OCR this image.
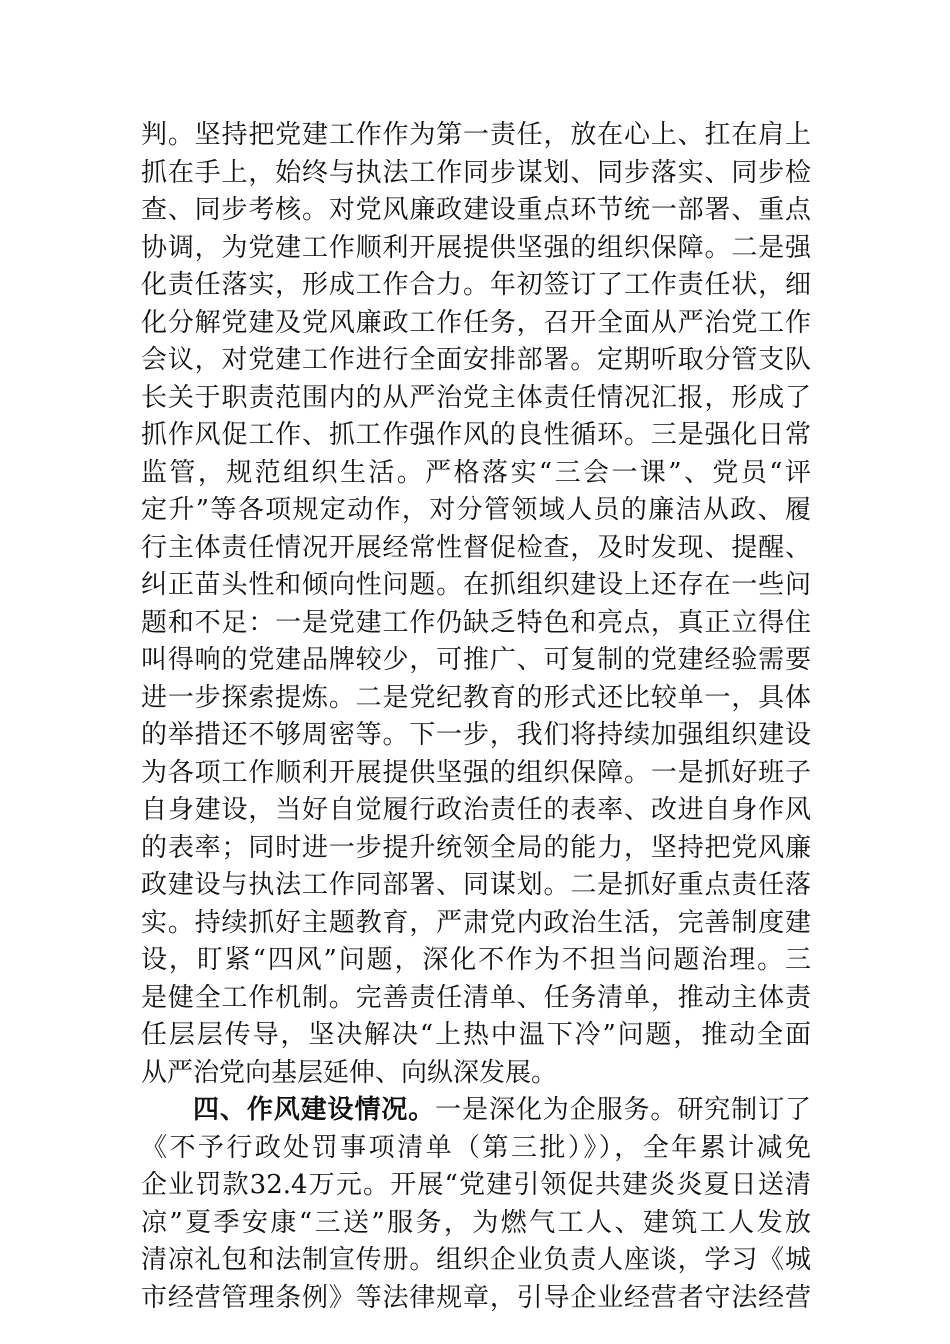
判。坚持把党建工作作为第一责任，放在心上、扛在肩上
抓在手上，始终与执法工作同步谋划、同步落实、同步检
查、同步考核。对党风廉政建设重点环节统一部署、重点
协调，为党建工作顺利开展提供坚强的组织保障。二是强
化责任落实，形成工作合力。年初签订了工作责任状，细
化分解党建及党风廉政工作任务，召开全面从严治党工作
会议，对党建工作进行全面安排部署。定期听取分管支队
长关于职责范围内的从严治党主体责任情况汇报，形成了
抓作风促工作、抓工作强作风的良性循环。三是强化日常
监管，规范组织生活。严格落实“三会一课”、党员“评
定升”等各项规定动作，对分管领域人员的廉洁从政、履
行主体责任情况开展经常性督促检查，及时发现、提醒、
纠正苗头性和倾向性问题。在抓组织建设上还存在一些问
题和不足：一是党建工作仍缺乏特色和亮点，真正立得住
叫得响的党建品牌较少，可推广、可复制的党建经验需要
进一步探索提炼。二是党纪教育的形式还比较单一，具体
的举措还不够周密等。下一步，我们将持续加强组织建设
为各项工作顺利开展提供坚强的组织保障。一是抓好班子
自身建设，当好自觉履行政治责任的表率、改进自身作风
的表率；同时进一步提升统领全局的能力，坚持把党风廉
政建设与执法工作同部署、同谋划。二是抓好重点责任落
实。持续抓好主题教育，严肃党内政治生活，完善制度建
设，盯紧“四风”问题，深化不作为不担当问题治理。三
是健全工作机制。完善责任清单、任务清单，推动主体责
任层层传导，坚决解决“上热中温下冷”问题，推动全面
从严治党向基层延伸、向纵深发展。
四、作风建设情况。一是深化为企服务。研究制订了
《不予行政处罚事项清单（第三批）》），全年累计减免
企业罚款32.4万元。开展“党建引领促共建炎炎夏日送清
凉”夏季安康“三送”服务，为燃气工人、建筑工人发放
清凉礼包和法制宣传册。组织企业负责人座谈，学习《城
市经营管理条例》等法律规章，引导企业经营者守法经营
